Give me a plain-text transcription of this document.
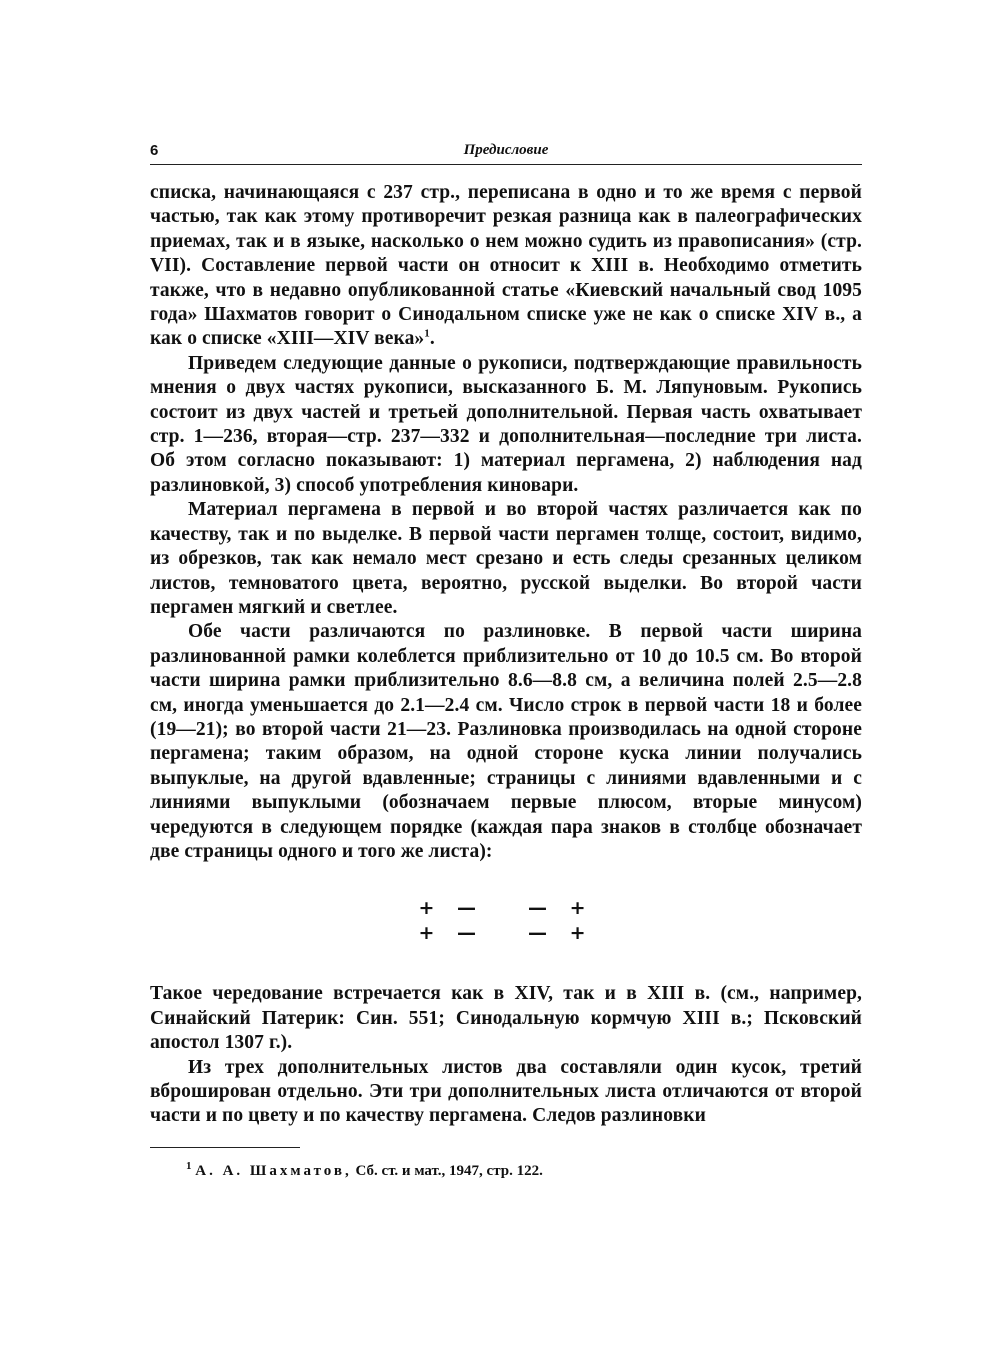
6	Предисловие

списка, начинающаяся с 237 стр., переписана в одно и то же время с первой частью, так как этому противоречит резкая разница как в палеографических приемах, так и в языке, насколько о нем можно судить из правописания» (стр. VII). Составление первой части он относит к XIII в. Необходимо отметить также, что в недавно опубликованной статье «Киевский начальный свод 1095 года» Шахматов говорит о Синодальном списке уже не как о списке XIV в., а как о списке «XIII—XIV века»$^1$.

Приведем следующие данные о рукописи, подтверждающие правильность мнения о двух частях рукописи, высказанного Б. М. Ляпуновым. Рукопись состоит из двух частей и третьей дополнительной. Первая часть охватывает стр. 1—236, вторая—стр. 237—332 и дополнительная—последние три листа. Об этом согласно показывают: 1) материал пергамена, 2) наблюдения над разлиновкой, 3) способ употребления киновари.

Материал пергамена в первой и во второй частях различается как по качеству, так и по выделке. В первой части пергамен толще, состоит, видимо, из обрезков, так как немало мест срезано и есть следы срезанных целиком листов, темноватого цвета, вероятно, русской выделки. Во второй части пергамен мягкий и светлее.

Обе части различаются по разлиновке. В первой части ширина разлинованной рамки колеблется приблизительно от 10 до 10.5 см. Во второй части ширина рамки приблизительно 8.6—8.8 см, а величина полей 2.5—2.8 см, иногда уменьшается до 2.1—2.4 см. Число строк в первой части 18 и более (19—21); во второй части 21—23. Разлиновка производилась на одной стороне пергамена; таким образом, на одной стороне куска линии получались выпуклые, на другой вдавленные; страницы с линиями вдавленными и с линиями выпуклыми (обозначаем первые плюсом, вторые минусом) чередуются в следующем порядке (каждая пара знаков в столбце обозначает две страницы одного и того же листа):

+ —
+ —
— +
— +

Такое чередование встречается как в XIV, так и в XIII в. (см., например, Синайский Патерик: Син. 551; Синодальную кормчую XIII в.; Псковский апостол 1307 г.).

Из трех дополнительных листов два составляли один кусок, третий вброширован отдельно. Эти три дополнительных листа отличаются от второй части и по цвету и по качеству пергамена. Следов разлиновки

$^1$ А. А. Шахматов, Сб. ст. и мат., 1947, стр. 122.
